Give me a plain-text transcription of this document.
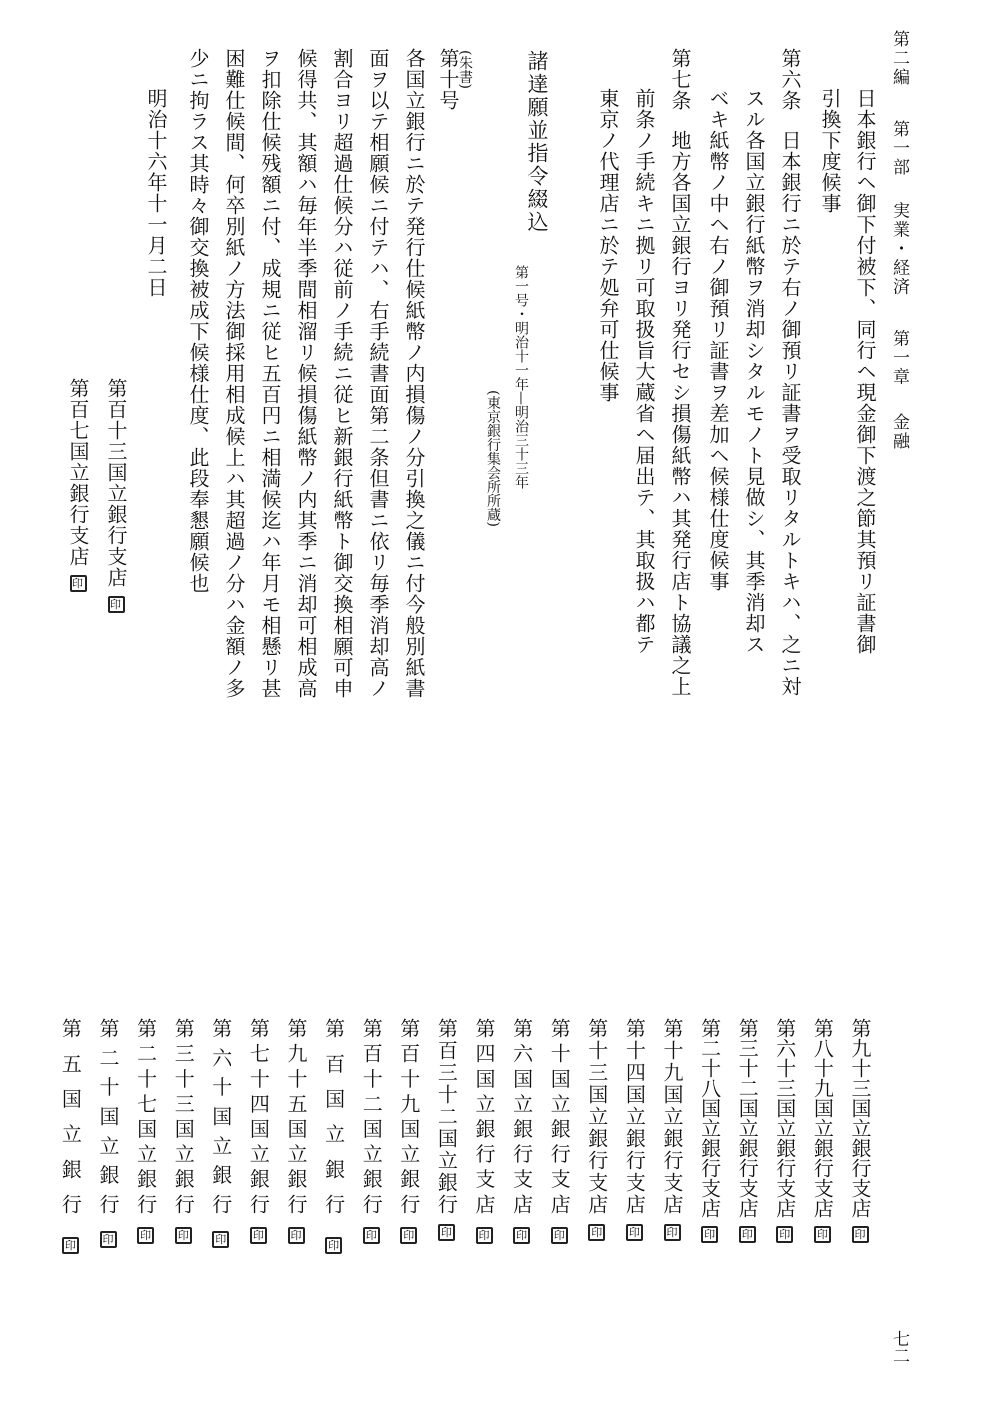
第二編  第一部  実業・経済  第一章  金融
七二
日本銀行ヘ御下付被下、同行ヘ現金御下渡之節其預リ証書御
引換下度候事
第六条
日本銀行ニ於テ右ノ御預リ証書ヲ受取リタルトキハ、之ニ対
スル各国立銀行紙幣ヲ消却シタルモノト見做シ、其季消却ス
ベキ紙幣ノ中ヘ右ノ御預リ証書ヲ差加ヘ候様仕度候事
第七条
地方各国立銀行ヨリ発行セシ損傷紙幣ハ其発行店ト協議之上
前条ノ手続キニ拠リ可取扱旨大蔵省ヘ届出テ、其取扱ハ都テ
東京ノ代理店ニ於テ処弁可仕候事
諸達願並指令綴込
第一号・明治十一年—明治三十三年
(東京銀行集会所所蔵)
(朱書)
第十号
各国立銀行ニ於テ発行仕候紙幣ノ内損傷ノ分引換之儀ニ付今般別紙書
面ヲ以テ相願候ニ付テハ、右手続書面第二条但書ニ依リ毎季消却高ノ
割合ヨリ超過仕候分ハ従前ノ手続ニ従ヒ新銀行紙幣ト御交換相願可申
候得共、其額ハ毎年半季間相溜リ候損傷紙幣ノ内其季ニ消却可相成高
ヲ扣除仕候残額ニ付、成規ニ従ヒ五百円ニ相満候迄ハ年月モ相懸リ甚
困難仕候間、何卒別紙ノ方法御採用相成候上ハ其超過ノ分ハ金額ノ多
少ニ拘ラス其時々御交換被成下候様仕度、此段奉懇願候也
明治十六年十一月二日
第百十三国立銀行支店印
第百七国立銀行支店印
第九十三国立銀行支店印
第八十九国立銀行支店印
第六十三国立銀行支店印
第三十二国立銀行支店印
第二十八国立銀行支店印
第十九国立銀行支店印
第十四国立銀行支店印
第十三国立銀行支店印
第十国立銀行支店印
第六国立銀行支店印
第四国立銀行支店印
第百三十二国立銀行印
第百十九国立銀行印
第百十二国立銀行印
第百国立銀行印
第九十五国立銀行印
第七十四国立銀行印
第六十国立銀行印
第三十三国立銀行印
第二十七国立銀行印
第二十国立銀行印
第五国立銀行印
